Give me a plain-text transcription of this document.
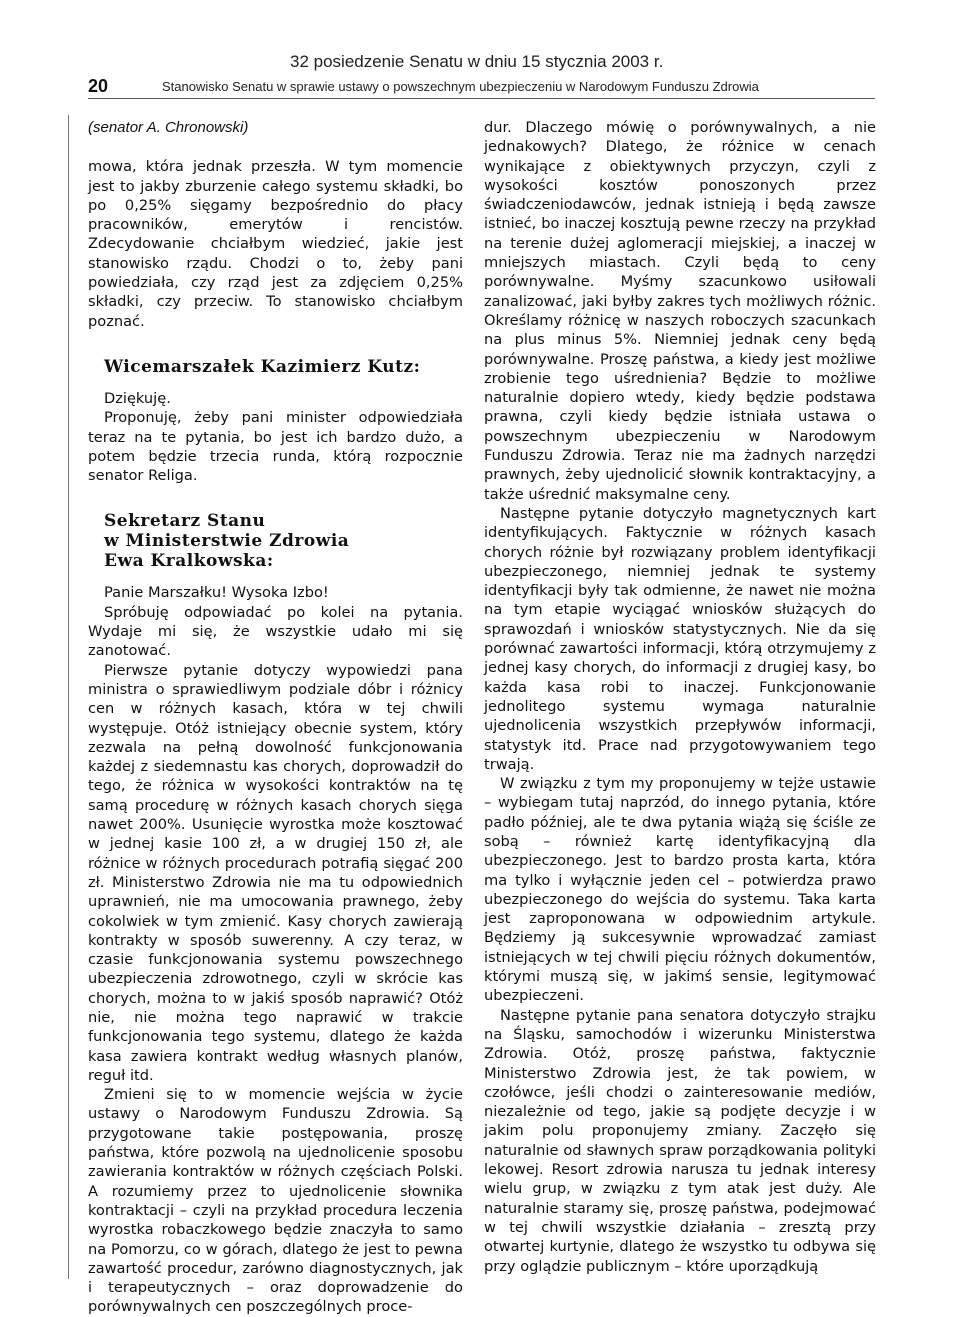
32 posiedzenie Senatu w dniu 15 stycznia 2003 r.
20	Stanowisko Senatu w sprawie ustawy o powszechnym ubezpieczeniu w Narodowym Funduszu Zdrowia
(senator A. Chronowski)

mowa, która jednak przeszła. W tym momencie jest to jakby zburzenie całego systemu składki, bo po 0,25% sięgamy bezpośrednio do płacy pracowników, emerytów i rencistów. Zdecydowanie chciałbym wiedzieć, jakie jest stanowisko rządu. Chodzi o to, żeby pani powiedziała, czy rząd jest za zdjęciem 0,25% składki, czy przeciw. To stanowisko chciałbym poznać.

Wicemarszałek Kazimierz Kutz:

Dziękuję.

Proponuję, żeby pani minister odpowiedziała teraz na te pytania, bo jest ich bardzo dużo, a potem będzie trzecia runda, którą rozpocznie senator Religa.

Sekretarz Stanu
w Ministerstwie Zdrowia
Ewa Kralkowska:

Panie Marszałku! Wysoka Izbo!

Spróbuję odpowiadać po kolei na pytania. Wydaje mi się, że wszystkie udało mi się zanotować.

Pierwsze pytanie dotyczy wypowiedzi pana ministra o sprawiedliwym podziale dóbr i różnicy cen w różnych kasach, która w tej chwili występuje. Otóż istniejący obecnie system, który zezwala na pełną dowolność funkcjonowania każdej z siedemnastu kas chorych, doprowadził do tego, że różnica w wysokości kontraktów na tę samą procedurę w różnych kasach chorych sięga nawet 200%. Usunięcie wyrostka może kosztować w jednej kasie 100 zł, a w drugiej 150 zł, ale różnice w różnych procedurach potrafią sięgać 200 zł. Ministerstwo Zdrowia nie ma tu odpowiednich uprawnień, nie ma umocowania prawnego, żeby cokolwiek w tym zmienić. Kasy chorych zawierają kontrakty w sposób suwerenny. A czy teraz, w czasie funkcjonowania systemu powszechnego ubezpieczenia zdrowotnego, czyli w skrócie kas chorych, można to w jakiś sposób naprawić? Otóż nie, nie można tego naprawić w trakcie funkcjonowania tego systemu, dlatego że każda kasa zawiera kontrakt według własnych planów, reguł itd.

Zmieni się to w momencie wejścia w życie ustawy o Narodowym Funduszu Zdrowia. Są przygotowane takie postępowania, proszę państwa, które pozwolą na ujednolicenie sposobu zawierania kontraktów w różnych częściach Polski. A rozumiemy przez to ujednolicenie słownika kontraktacji – czyli na przykład procedura leczenia wyrostka robaczkowego będzie znaczyła to samo na Pomorzu, co w górach, dlatego że jest to pewna zawartość procedur, zarówno diagnostycznych, jak i terapeutycznych – oraz doprowadzenie do porównywalnych cen poszczególnych proce-

dur. Dlaczego mówię o porównywalnych, a nie jednakowych? Dlatego, że różnice w cenach wynikające z obiektywnych przyczyn, czyli z wysokości kosztów ponoszonych przez świadczeniodawców, jednak istnieją i będą zawsze istnieć, bo inaczej kosztują pewne rzeczy na przykład na terenie dużej aglomeracji miejskiej, a inaczej w mniejszych miastach. Czyli będą to ceny porównywalne. Myśmy szacunkowo usiłowali zanalizować, jaki byłby zakres tych możliwych różnic. Określamy różnicę w naszych roboczych szacunkach na plus minus 5%. Niemniej jednak ceny będą porównywalne. Proszę państwa, a kiedy jest możliwe zrobienie tego uśrednienia? Będzie to możliwe naturalnie dopiero wtedy, kiedy będzie podstawa prawna, czyli kiedy będzie istniała ustawa o powszechnym ubezpieczeniu w Narodowym Funduszu Zdrowia. Teraz nie ma żadnych narzędzi prawnych, żeby ujednolicić słownik kontraktacyjny, a także uśrednić maksymalne ceny.

Następne pytanie dotyczyło magnetycznych kart identyfikujących. Faktycznie w różnych kasach chorych różnie był rozwiązany problem identyfikacji ubezpieczonego, niemniej jednak te systemy identyfikacji były tak odmienne, że nawet nie można na tym etapie wyciągać wniosków służących do sprawozdań i wniosków statystycznych. Nie da się porównać zawartości informacji, którą otrzymujemy z jednej kasy chorych, do informacji z drugiej kasy, bo każda kasa robi to inaczej. Funkcjonowanie jednolitego systemu wymaga naturalnie ujednolicenia wszystkich przepływów informacji, statystyk itd. Prace nad przygotowywaniem tego trwają.

W związku z tym my proponujemy w tejże ustawie – wybiegam tutaj naprzód, do innego pytania, które padło później, ale te dwa pytania wiążą się ściśle ze sobą – również kartę identyfikacyjną dla ubezpieczonego. Jest to bardzo prosta karta, która ma tylko i wyłącznie jeden cel – potwierdza prawo ubezpieczonego do wejścia do systemu. Taka karta jest zaproponowana w odpowiednim artykule. Będziemy ją sukcesywnie wprowadzać zamiast istniejących w tej chwili pięciu różnych dokumentów, którymi muszą się, w jakimś sensie, legitymować ubezpieczeni.

Następne pytanie pana senatora dotyczyło strajku na Śląsku, samochodów i wizerunku Ministerstwa Zdrowia. Otóż, proszę państwa, faktycznie Ministerstwo Zdrowia jest, że tak powiem, w czołówce, jeśli chodzi o zainteresowanie mediów, niezależnie od tego, jakie są podjęte decyzje i w jakim polu proponujemy zmiany. Zaczęło się naturalnie od sławnych spraw porządkowania polityki lekowej. Resort zdrowia narusza tu jednak interesy wielu grup, w związku z tym atak jest duży. Ale naturalnie staramy się, proszę państwa, podejmować w tej chwili wszystkie działania – zresztą przy otwartej kurtynie, dlatego że wszystko tu odbywa się przy oglądzie publicznym – które uporządkują
